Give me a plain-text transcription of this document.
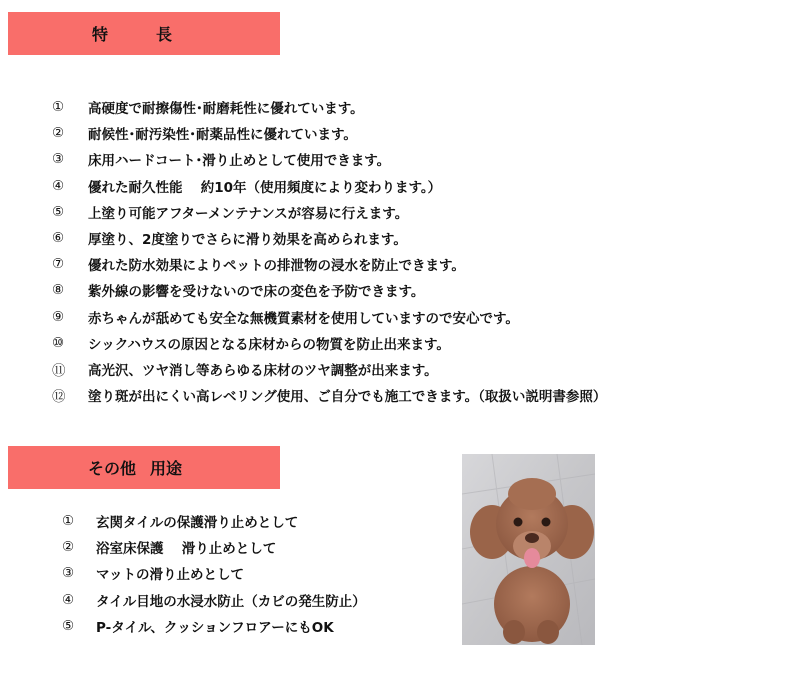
特	長
①	高硬度で耐擦傷性･耐磨耗性に優れています。
②	耐候性･耐汚染性･耐薬品性に優れています。
③	床用ハードコート･滑り止めとして使用できます。
④	優れた耐久性能　 約10年（使用頻度により変わります。）
⑤	上塗り可能アフターメンテナンスが容易に行えます。
⑥	厚塗り、2度塗りでさらに滑り効果を高められます。
⑦	優れた防水効果によりペットの排泄物の浸水を防止できます。
⑧	紫外線の影響を受けないので床の変色を予防できます。
⑨	赤ちゃんが舐めても安全な無機質素材を使用していますので安心です。
⑩	シックハウスの原因となる床材からの物質を防止出来ます。
⑪	高光沢、ツヤ消し等あらゆる床材のツヤ調整が出来ます。
⑫	塗り斑が出にくい高レベリング使用、ご自分でも施工できます。（取扱い説明書参照）
その他 用途
①	玄関タイルの保護滑り止めとして
②	浴室床保護　 滑り止めとして
③	マットの滑り止めとして
④	タイル目地の水浸水防止（カビの発生防止）
⑤	P-タイル、クッションフロアーにもOK
